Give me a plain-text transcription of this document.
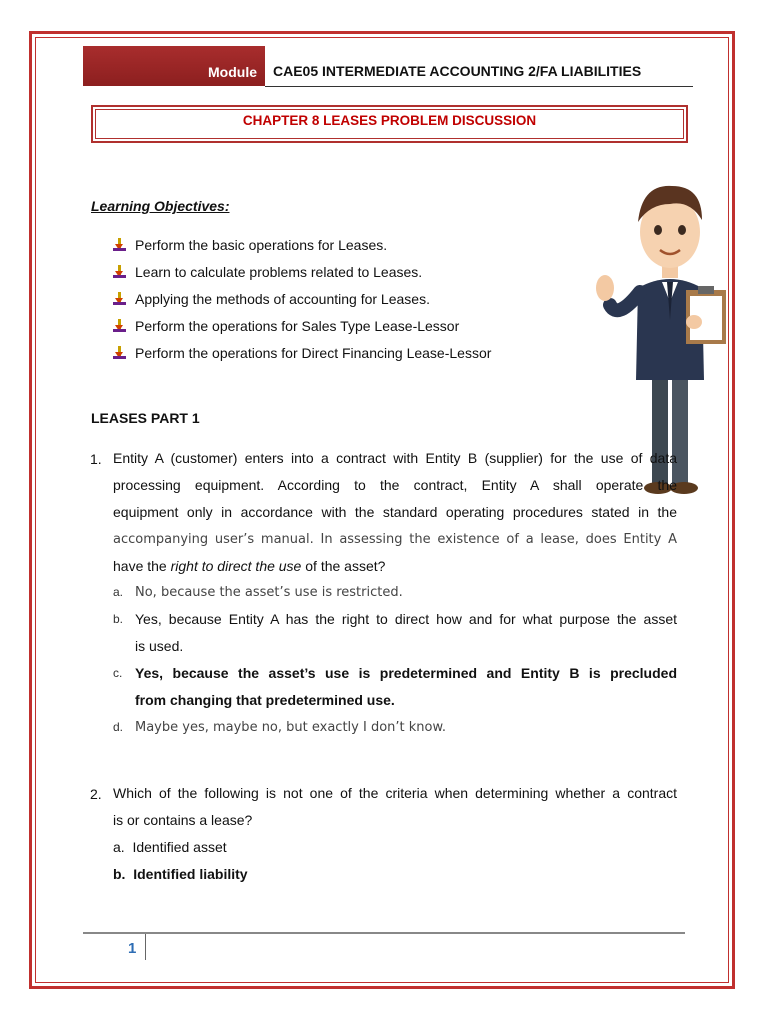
Module	CAE05 INTERMEDIATE ACCOUNTING 2/FA LIABILITIES
CHAPTER 8 LEASES PROBLEM DISCUSSION
Learning Objectives:
Perform the basic operations for Leases.
Learn to calculate problems related to Leases.
Applying the methods of accounting for Leases.
Perform the operations for Sales Type Lease-Lessor
Perform the operations for Direct Financing Lease-Lessor
LEASES PART 1
1. Entity A (customer) enters into a contract with Entity B (supplier) for the use of data
processing equipment. According to the contract, Entity A shall operate the
equipment only in accordance with the standard operating procedures stated in the
accompanying user’s manual. In assessing the existence of a lease, does Entity A
have the right to direct the use of the asset?
a. No, because the asset’s use is restricted.
b. Yes, because Entity A has the right to direct how and for what purpose the asset
is used.
c. Yes, because the asset’s use is predetermined and Entity B is precluded
from changing that predetermined use.
d. Maybe yes, maybe no, but exactly I don’t know.
2. Which of the following is not one of the criteria when determining whether a contract
is or contains a lease?
a. Identified asset
b. Identified liability
1
